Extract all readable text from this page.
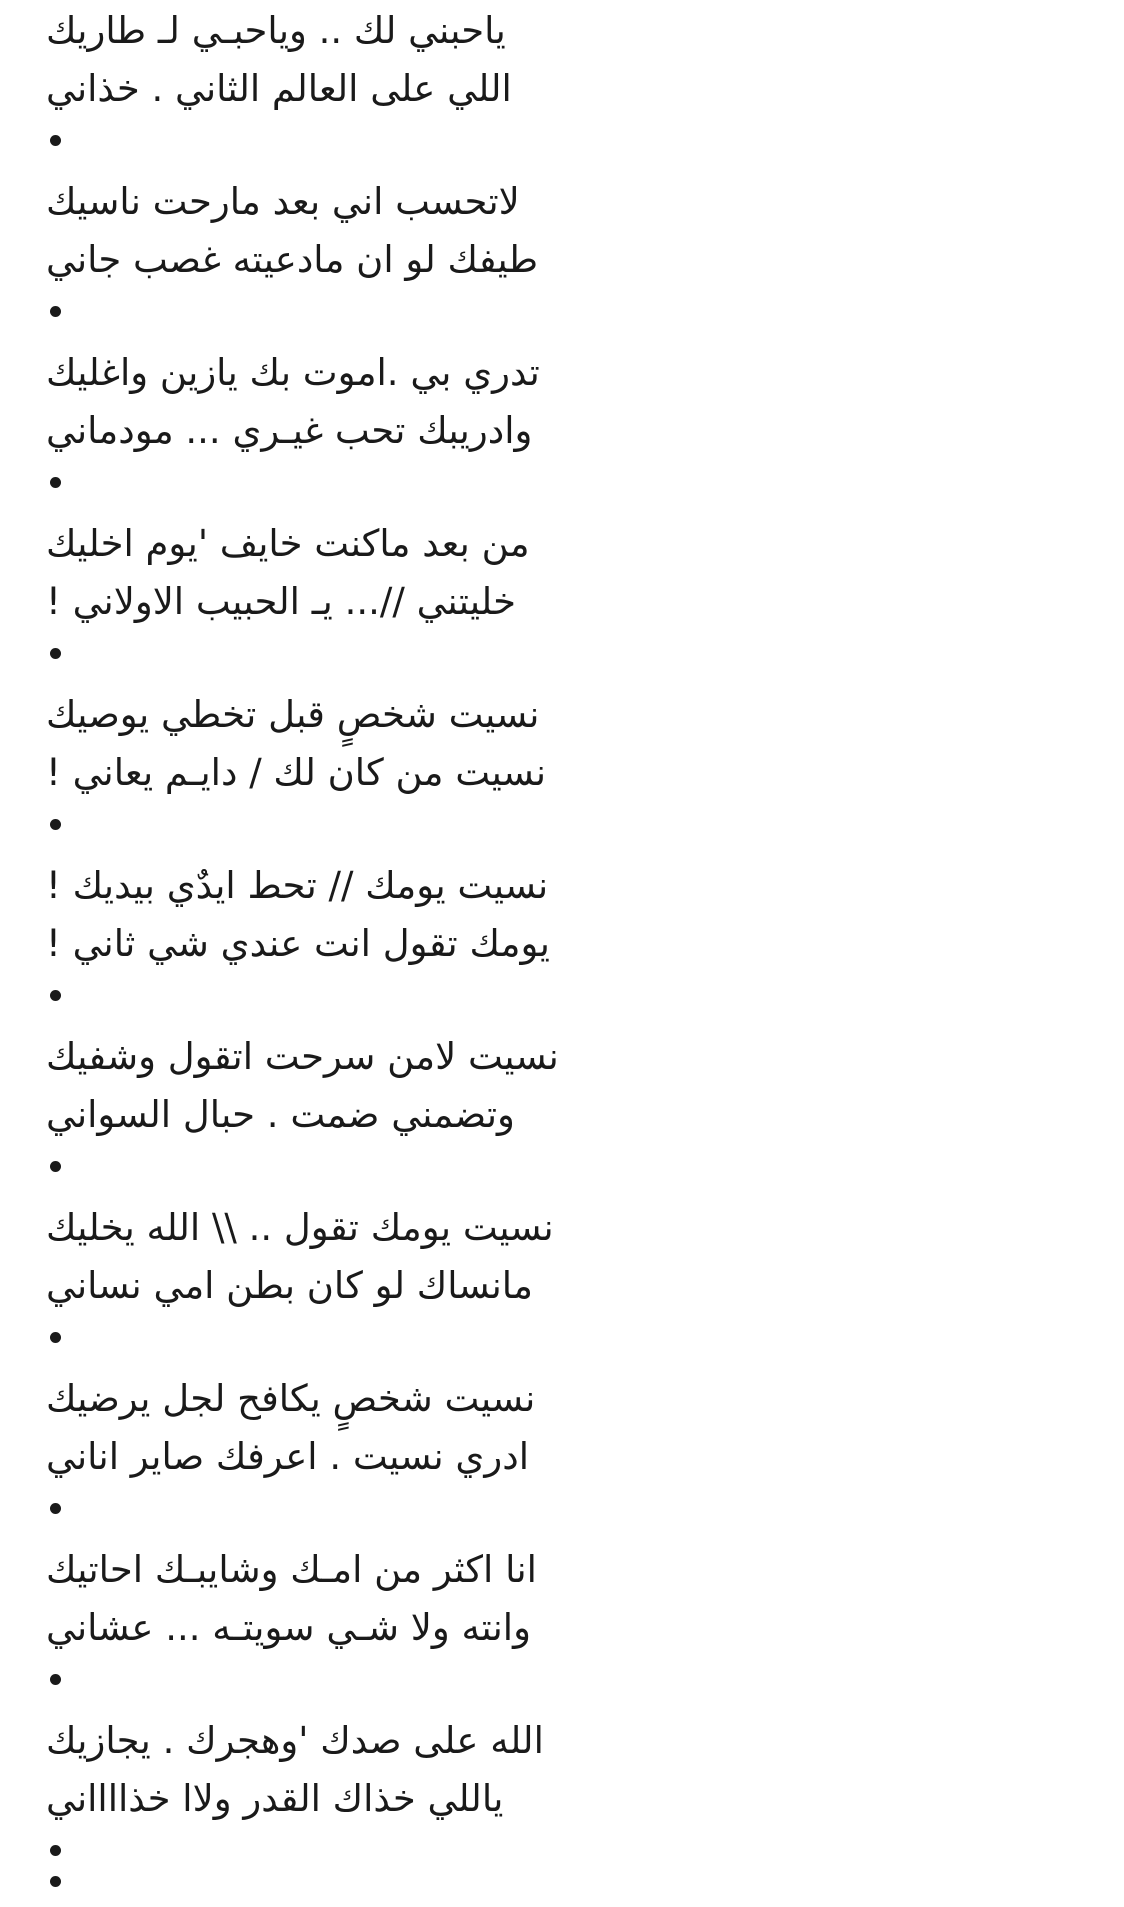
ياحبني لك .. وياحبـي لـ طاريك
اللي على العالم الثاني . خذاني
لاتحسب اني بعد مارحت ناسيك
طيفك لو ان مادعيته غصب جاني
تدري بي .اموت بك يازين واغليك
وادريبك تحب غيـري ... مودماني
من بعد ماكنت خايف 'يوم اخليك
خليتني //... يـ الحبيب الاولاني !
نسيت شخصٍ قبل تخطي يوصيك
نسيت من كان لك / دايـم يعاني !
نسيت يومك // تحط ايدٌي بيديك !
يومك تقول انت عندي شي ثاني !
نسيت لامن سرحت اتقول وشفيك
وتضمني ضمت . حبال السواني
نسيت يومك تقول .. \\ الله يخليك
مانساك لو كان بطن امي نساني
نسيت شخصٍ يكافح لجل يرضيك
ادري نسيت . اعرفك صاير اناني
انا اكثر من امـك وشايبـك احاتيك
وانته ولا شـي سويتـه ... عشاني
الله على صدك 'وهجرك . يجازيك
ياللي خذاك القدر ولاا خذااااني
